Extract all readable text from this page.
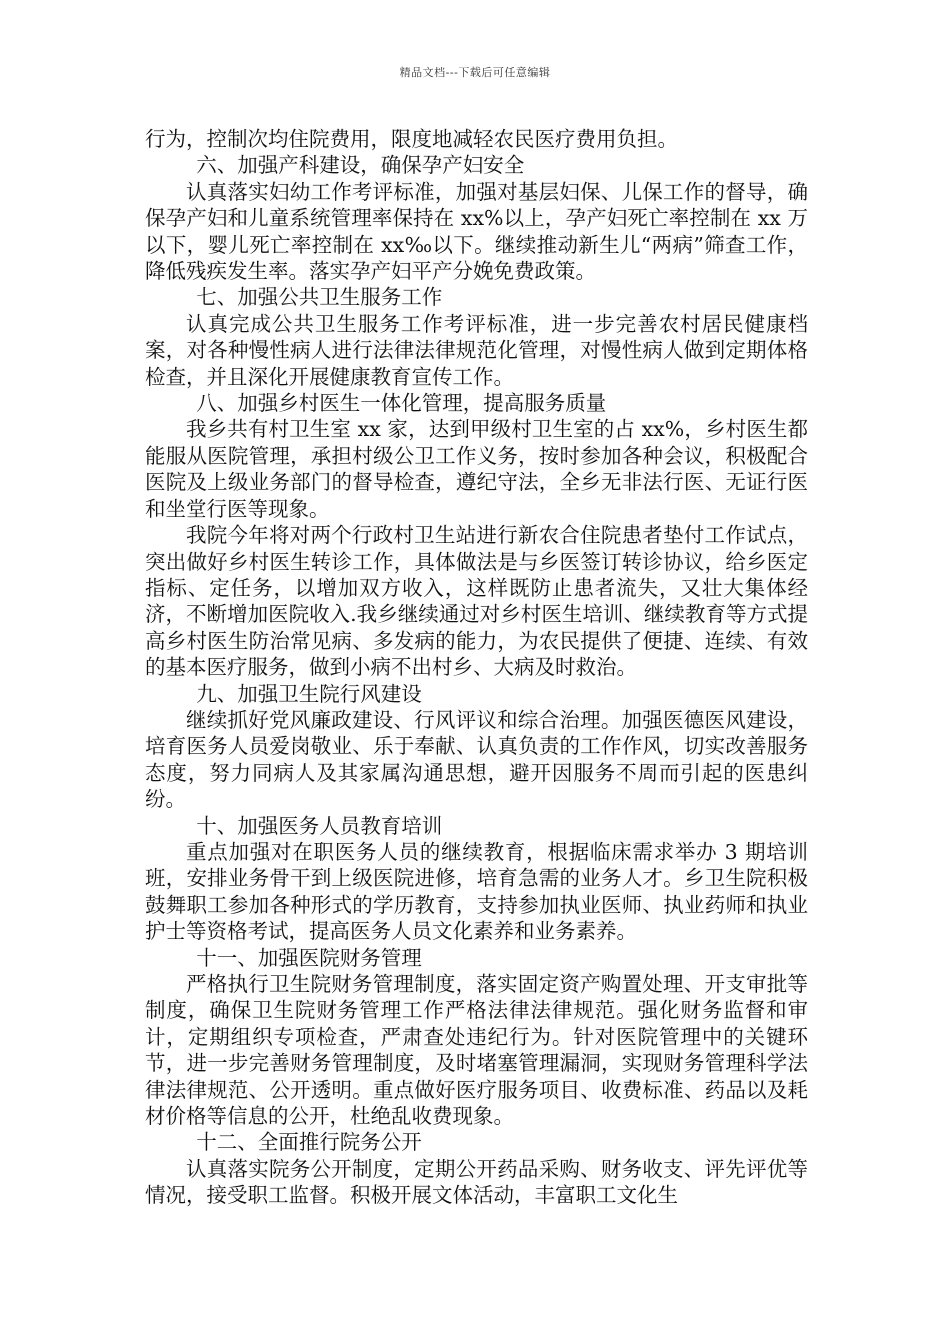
精品文档---下载后可任意编辑

行为，控制次均住院费用，限度地减轻农民医疗费用负担。

六、加强产科建设，确保孕产妇安全

认真落实妇幼工作考评标准，加强对基层妇保、儿保工作的督导，确保孕产妇和儿童系统管理率保持在 xx%以上，孕产妇死亡率控制在 xx 万以下，婴儿死亡率控制在 xx‰以下。继续推动新生儿“两病”筛查工作，降低残疾发生率。落实孕产妇平产分娩免费政策。

七、加强公共卫生服务工作

认真完成公共卫生服务工作考评标准，进一步完善农村居民健康档案，对各种慢性病人进行法律法律规范化管理，对慢性病人做到定期体格检查，并且深化开展健康教育宣传工作。

八、加强乡村医生一体化管理，提高服务质量

我乡共有村卫生室 xx 家，达到甲级村卫生室的占 xx%，乡村医生都能服从医院管理，承担村级公卫工作义务，按时参加各种会议，积极配合医院及上级业务部门的督导检查，遵纪守法，全乡无非法行医、无证行医和坐堂行医等现象。

我院今年将对两个行政村卫生站进行新农合住院患者垫付工作试点，突出做好乡村医生转诊工作，具体做法是与乡医签订转诊协议，给乡医定指标、定任务，以增加双方收入，这样既防止患者流失，又壮大集体经济，不断增加医院收入.我乡继续通过对乡村医生培训、继续教育等方式提高乡村医生防治常见病、多发病的能力，为农民提供了便捷、连续、有效的基本医疗服务，做到小病不出村乡、大病及时救治。

九、加强卫生院行风建设

继续抓好党风廉政建设、行风评议和综合治理。加强医德医风建设，培育医务人员爱岗敬业、乐于奉献、认真负责的工作作风，切实改善服务态度，努力同病人及其家属沟通思想，避开因服务不周而引起的医患纠纷。

十、加强医务人员教育培训

重点加强对在职医务人员的继续教育，根据临床需求举办 3 期培训班，安排业务骨干到上级医院进修，培育急需的业务人才。乡卫生院积极鼓舞职工参加各种形式的学历教育，支持参加执业医师、执业药师和执业护士等资格考试，提高医务人员文化素养和业务素养。

十一、加强医院财务管理

严格执行卫生院财务管理制度，落实固定资产购置处理、开支审批等制度，确保卫生院财务管理工作严格法律法律规范。强化财务监督和审计，定期组织专项检查，严肃查处违纪行为。针对医院管理中的关键环节，进一步完善财务管理制度，及时堵塞管理漏洞，实现财务管理科学法律法律规范、公开透明。重点做好医疗服务项目、收费标准、药品以及耗材价格等信息的公开，杜绝乱收费现象。

十二、全面推行院务公开

认真落实院务公开制度，定期公开药品采购、财务收支、评先评优等情况，接受职工监督。积极开展文体活动，丰富职工文化生
